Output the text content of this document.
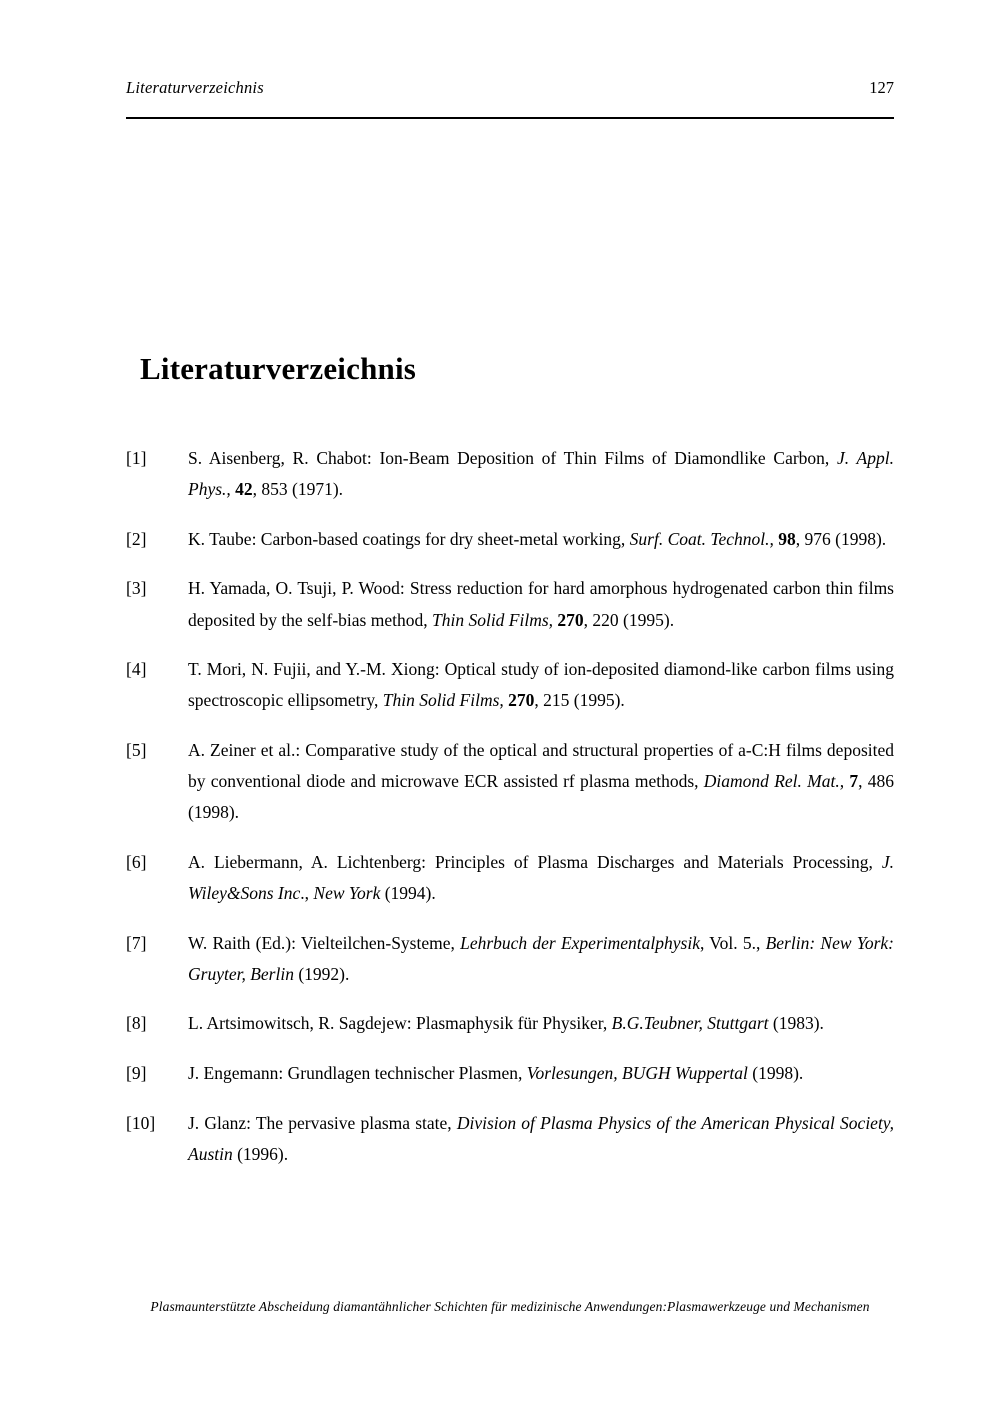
Literaturverzeichnis	127
Literaturverzeichnis
[1]	S. Aisenberg, R. Chabot: Ion-Beam Deposition of Thin Films of Diamondlike Carbon, J. Appl. Phys., 42, 853 (1971).
[2]	K. Taube: Carbon-based coatings for dry sheet-metal working, Surf. Coat. Technol., 98, 976 (1998).
[3]	H. Yamada, O. Tsuji, P. Wood: Stress reduction for hard amorphous hydrogenated carbon thin films deposited by the self-bias method, Thin Solid Films, 270, 220 (1995).
[4]	T. Mori, N. Fujii, and Y.-M. Xiong: Optical study of ion-deposited diamond-like carbon films using spectroscopic ellipsometry, Thin Solid Films, 270, 215 (1995).
[5]	A. Zeiner et al.: Comparative study of the optical and structural properties of a-C:H films deposited by conventional diode and microwave ECR assisted rf plasma methods, Diamond Rel. Mat., 7, 486 (1998).
[6]	A. Liebermann, A. Lichtenberg: Principles of Plasma Discharges and Materials Processing, J. Wiley&Sons Inc., New York (1994).
[7]	W. Raith (Ed.): Vielteilchen-Systeme, Lehrbuch der Experimentalphysik, Vol. 5., Berlin: New York: Gruyter, Berlin (1992).
[8]	L. Artsimowitsch, R. Sagdejew: Plasmaphysik für Physiker, B.G.Teubner, Stuttgart (1983).
[9]	J. Engemann: Grundlagen technischer Plasmen, Vorlesungen, BUGH Wuppertal (1998).
[10]	J. Glanz: The pervasive plasma state, Division of Plasma Physics of the American Physical Society, Austin (1996).
Plasmaunterstützte Abscheidung diamantähnlicher Schichten für medizinische Anwendungen:Plasmawerkzeuge und Mechanismen
